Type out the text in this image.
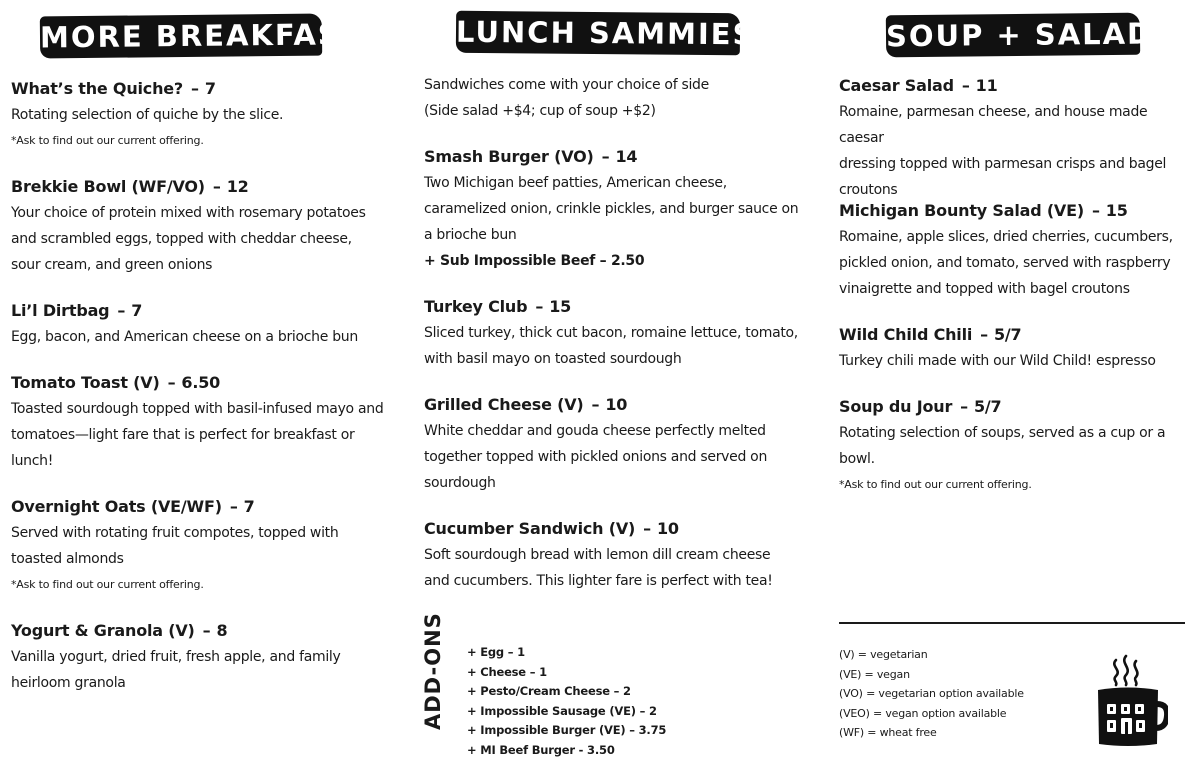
MORE BREAKFAST	LUNCH SAMMIES	SOUP + SALAD
What’s the Quiche? – 7
Rotating selection of quiche by the slice.
*Ask to find out our current offering.
Brekkie Bowl (WF/VO) – 12
Your choice of protein mixed with rosemary potatoes
and scrambled eggs, topped with cheddar cheese,
sour cream, and green onions
Li’l Dirtbag – 7
Egg, bacon, and American cheese on a brioche bun
Tomato Toast (V) – 6.50
Toasted sourdough topped with basil-infused mayo and
tomatoes—light fare that is perfect for breakfast or
lunch!
Overnight Oats (VE/WF) – 7
Served with rotating fruit compotes, topped with
toasted almonds
*Ask to find out our current offering.
Yogurt & Granola (V) – 8
Vanilla yogurt, dried fruit, fresh apple, and family
heirloom granola
Sandwiches come with your choice of side
(Side salad +$4; cup of soup +$2)
Smash Burger (VO) – 14
Two Michigan beef patties, American cheese,
caramelized onion, crinkle pickles, and burger sauce on
a brioche bun
+ Sub Impossible Beef – 2.50
Turkey Club – 15
Sliced turkey, thick cut bacon, romaine lettuce, tomato,
with basil mayo on toasted sourdough
Grilled Cheese (V) – 10
White cheddar and gouda cheese perfectly melted
together topped with pickled onions and served on
sourdough
Cucumber Sandwich (V) – 10
Soft sourdough bread with lemon dill cream cheese
and cucumbers. This lighter fare is perfect with tea!
ADD-ONS + Egg – 1
+ Cheese – 1
+ Pesto/Cream Cheese – 2
+ Impossible Sausage (VE) – 2
+ Impossible Burger (VE) – 3.75
+ MI Beef Burger - 3.50
Caesar Salad – 11
Romaine, parmesan cheese, and house made caesar
dressing topped with parmesan crisps and bagel
croutons
Michigan Bounty Salad (VE) – 15
Romaine, apple slices, dried cherries, cucumbers,
pickled onion, and tomato, served with raspberry
vinaigrette and topped with bagel croutons
Wild Child Chili – 5/7
Turkey chili made with our Wild Child! espresso
Soup du Jour – 5/7
Rotating selection of soups, served as a cup or a bowl.
*Ask to find out our current offering.
(V) = vegetarian
(VE) = vegan
(VO) = vegetarian option available
(VEO) = vegan option available
(WF) = wheat free
